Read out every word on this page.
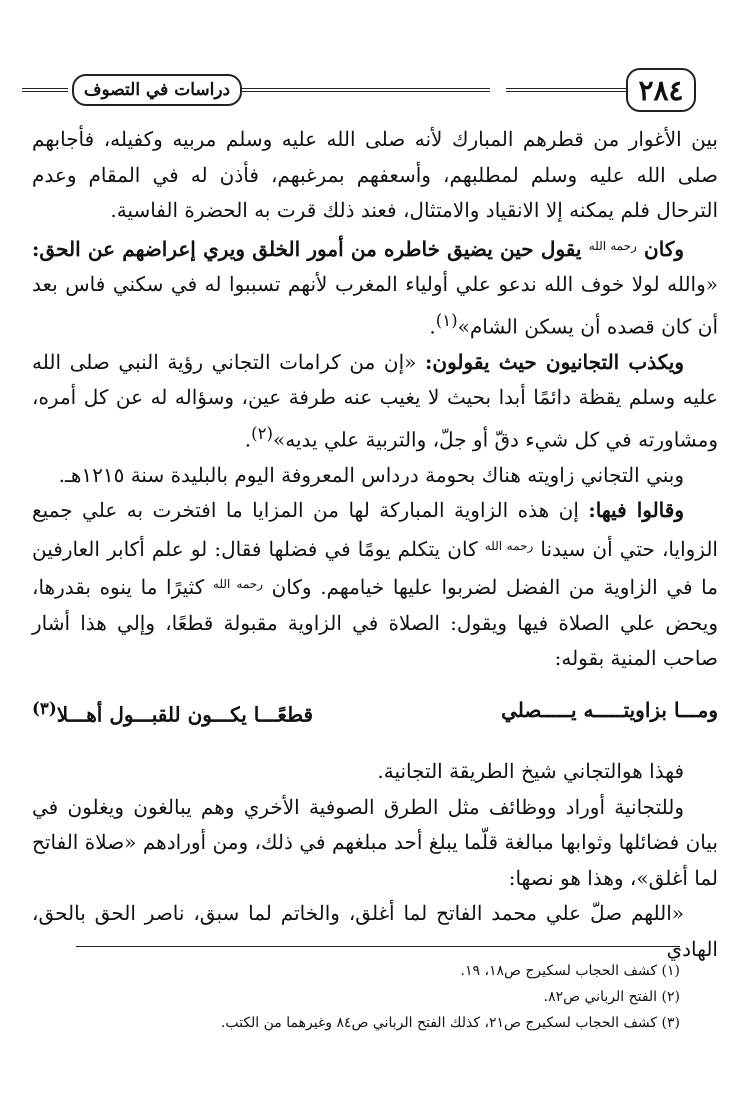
٢٨٤
دراسات في التصوف

بين الأغوار من قطرهم المبارك لأنه صلى الله عليه وسلم مربيه وكفيله، فأجابهم صلى الله عليه وسلم لمطلبهم، وأسعفهم بمرغبهم، فأذن له في المقام وعدم الترحال فلم يمكنه إلا الانقياد والامتثال، فعند ذلك قرت به الحضرة الفاسية.

وكان $^{رحمه الله}$ يقول حين يضيق خاطره من أمور الخلق ويري إعراضهم عن الحق: «والله لولا خوف الله ندعو علي أولياء المغرب لأنهم تسببوا له في سكني فاس بعد أن كان قصده أن يسكن الشام»$^{(١)}$.

ويكذب التجانيون حيث يقولون: «إن من كرامات التجاني رؤية النبي صلى الله عليه وسلم يقظة دائمًا أبدا بحيث لا يغيب عنه طرفة عين، وسؤاله له عن كل أمره، ومشاورته في كل شيء دقّ أو جلّ، والتربية علي يديه»$^{(٢)}$.

وبني التجاني زاويته هناك بحومة درداس المعروفة اليوم بالبليدة سنة ١٢١٥هـ.

وقالوا فيها: إن هذه الزاوية المباركة لها من المزايا ما افتخرت به علي جميع الزوايا، حتي أن سيدنا $^{رحمه الله}$ كان يتكلم يومًا في فضلها فقال: لو علم أكابر العارفين ما في الزاوية من الفضل لضربوا عليها خيامهم. وكان $^{رحمه الله}$ كثيرًا ما ينوه بقدرها، ويحض علي الصلاة فيها ويقول: الصلاة في الزاوية مقبولة قطعًا، وإلي هذا أشار صاحب المنية بقوله:

ومـــا بزاويتـــــه يـــــصلي
قطعًـــا يكـــون للقبـــول أهـــلا$^{(٣)}$

فهذا هوالتجاني شيخ الطريقة التجانية.

وللتجانية أوراد ووظائف مثل الطرق الصوفية الأخري وهم يبالغون ويغلون في بيان فضائلها وثوابها مبالغة قلّما يبلغ أحد مبلغهم في ذلك، ومن أورادهم «صلاة الفاتح لما أغلق»، وهذا هو نصها:

«اللهم صلّ علي محمد الفاتح لما أغلق، والخاتم لما سبق، ناصر الحق بالحق، الهادي

(١) كشف الحجاب لسكيرج ص١٨، ١٩.
(٢) الفتح الرباني ص٨٢.
(٣) كشف الحجاب لسكيرج ص٢١، كذلك الفتح الرباني ص٨٤ وغيرهما من الكتب.
